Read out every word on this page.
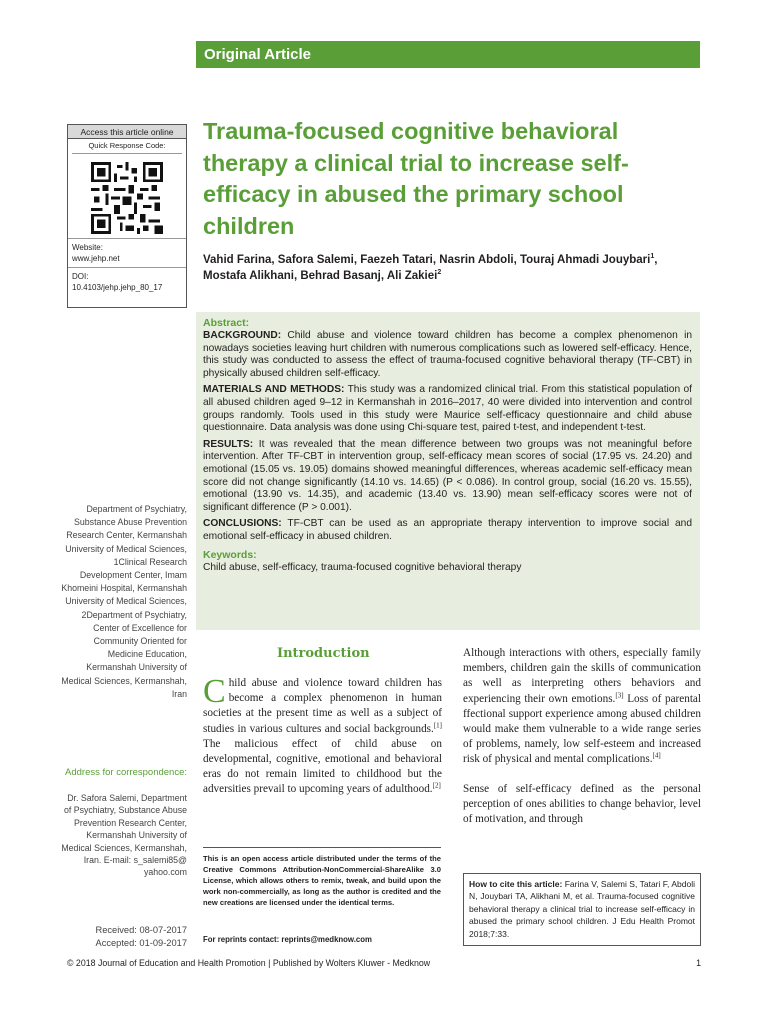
Original Article
Access this article online
Quick Response Code:
Website:
www.jehp.net
DOI:
10.4103/jehp.jehp_80_17
Trauma-focused cognitive behavioral therapy a clinical trial to increase self-efficacy in abused the primary school children
Vahid Farina, Safora Salemi, Faezeh Tatari, Nasrin Abdoli, Touraj Ahmadi Jouybari$^1$,
Mostafa Alikhani, Behrad Basanj, Ali Zakiei$^2$
Abstract:

BACKGROUND: Child abuse and violence toward children has become a complex phenomenon in nowadays societies leaving hurt children with numerous complications such as lowered self-efficacy. Hence, this study was conducted to assess the effect of trauma-focused cognitive behavioral therapy (TF-CBT) in physically abused children self-efficacy.

MATERIALS AND METHODS: This study was a randomized clinical trial. From this statistical population of all abused children aged 9–12 in Kermanshah in 2016–2017, 40 were divided into intervention and control groups randomly. Tools used in this study were Maurice self-efficacy questionnaire and child abuse questionnaire. Data analysis was done using Chi-square test, paired t-test, and independent t-test.

RESULTS: It was revealed that the mean difference between two groups was not meaningful before intervention. After TF-CBT in intervention group, self-efficacy mean scores of social (17.95 vs. 24.20) and emotional (15.05 vs. 19.05) domains showed meaningful differences, whereas academic self-efficacy mean score did not change significantly (14.10 vs. 14.65) (P < 0.086). In control group, social (16.20 vs. 15.55), emotional (13.90 vs. 14.35), and academic (13.40 vs. 13.90) mean self-efficacy scores were not of significant difference (P > 0.001).

CONCLUSIONS: TF-CBT can be used as an appropriate therapy intervention to improve social and emotional self-efficacy in abused children.

Keywords:

Child abuse, self-efficacy, trauma-focused cognitive behavioral therapy

Department of Psychiatry, Substance Abuse Prevention Research Center, Kermanshah University of Medical Sciences, 1Clinical Research Development Center, Imam Khomeini Hospital, Kermanshah University of Medical Sciences, 2Department of Psychiatry, Center of Excellence for Community Oriented for Medicine Education, Kermanshah University of Medical Sciences, Kermanshah, Iran
Address for correspondence:
Dr. Safora Salemi, Department of Psychiatry, Substance Abuse Prevention Research Center, Kermanshah University of Medical Sciences, Kermanshah, Iran. E-mail: s_salemi85@ yahoo.com
Received: 08-07-2017
Accepted: 01-09-2017
Introduction
Child abuse and violence toward children has become a complex phenomenon in human societies at the present time as well as a subject of studies in various cultures and social backgrounds.[1] The malicious effect of child abuse on developmental, cognitive, emotional and behavioral eras do not remain limited to childhood but the adversities prevail to upcoming years of adulthood.[2]

Although interactions with others, especially family members, children gain the skills of communication as well as interpreting others behaviors and experiencing their own emotions.[3] Loss of parental ffectional support experience among abused children would make them vulnerable to a wide range series of problems, namely, low self-esteem and increased risk of physical and mental complications.[4]

Sense of self-efficacy defined as the personal perception of ones abilities to change behavior, level of motivation, and through

This is an open access article distributed under the terms of the Creative Commons Attribution-NonCommercial-ShareAlike 3.0 License, which allows others to remix, tweak, and build upon the work non-commercially, as long as the author is credited and the new creations are licensed under the identical terms.
For reprints contact: reprints@medknow.com
How to cite this article: Farina V, Salemi S, Tatari F, Abdoli N, Jouybari TA, Alikhani M, et al. Trauma-focused cognitive behavioral therapy a clinical trial to increase self-efficacy in abused the primary school children. J Edu Health Promot 2018;7:33.
© 2018 Journal of Education and Health Promotion | Published by Wolters Kluwer - Medknow	1
